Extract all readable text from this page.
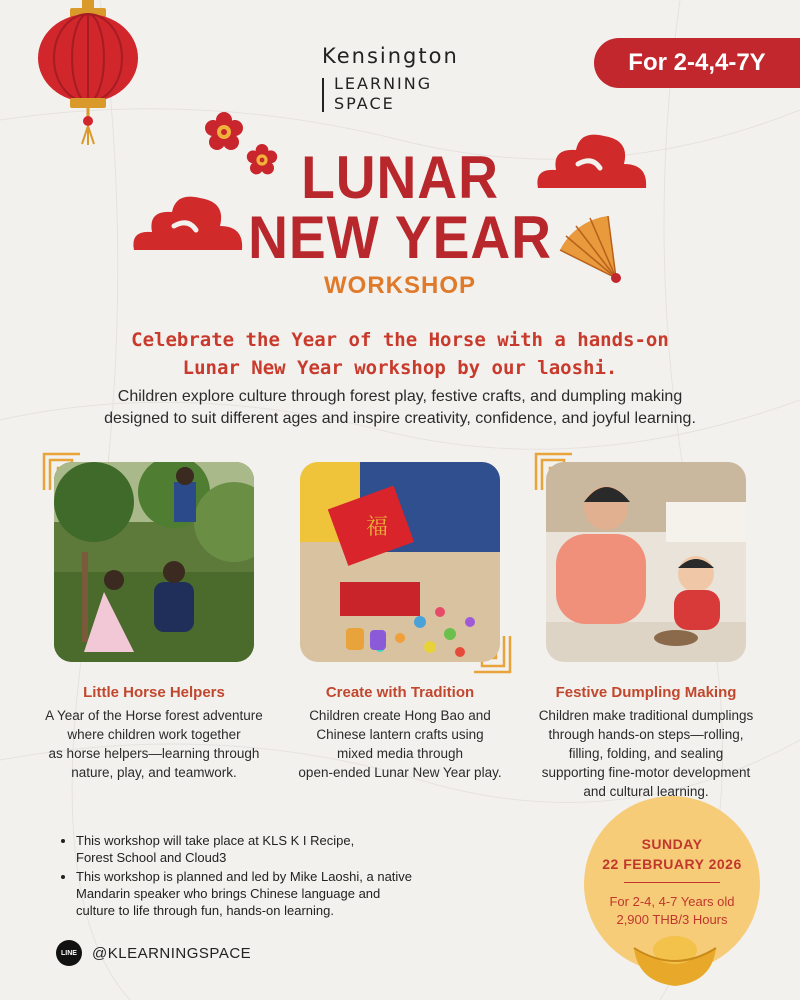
Kensington
LEARNING
SPACE
For 2-4,4-7Y
LUNAR
NEW YEAR
WORKSHOP
Celebrate the Year of the Horse with a hands-on
Lunar New Year workshop by our laoshi.
Children explore culture through forest play, festive crafts, and dumpling making
designed to suit different ages and inspire creativity, confidence, and joyful learning.
福
Little Horse Helpers
A Year of the Horse forest adventure
where children work together
as horse helpers—learning through
nature, play, and teamwork.
Create with Tradition
Children create Hong Bao and
Chinese lantern crafts using
mixed media through
open-ended Lunar New Year play.
Festive Dumpling Making
Children make traditional dumplings
through hands-on steps—rolling,
filling, folding, and sealing
supporting fine-motor development
and cultural learning.
• This workshop will take place at KLS K I Recipe,
Forest School and Cloud3
• This workshop is planned and led by Mike Laoshi, a native
Mandarin speaker who brings Chinese language and
culture to life through fun, hands-on learning.
LINE	@KLEARNINGSPACE
SUNDAY
22 FEBRUARY 2026
For 2-4, 4-7 Years old
2,900 THB/3 Hours
